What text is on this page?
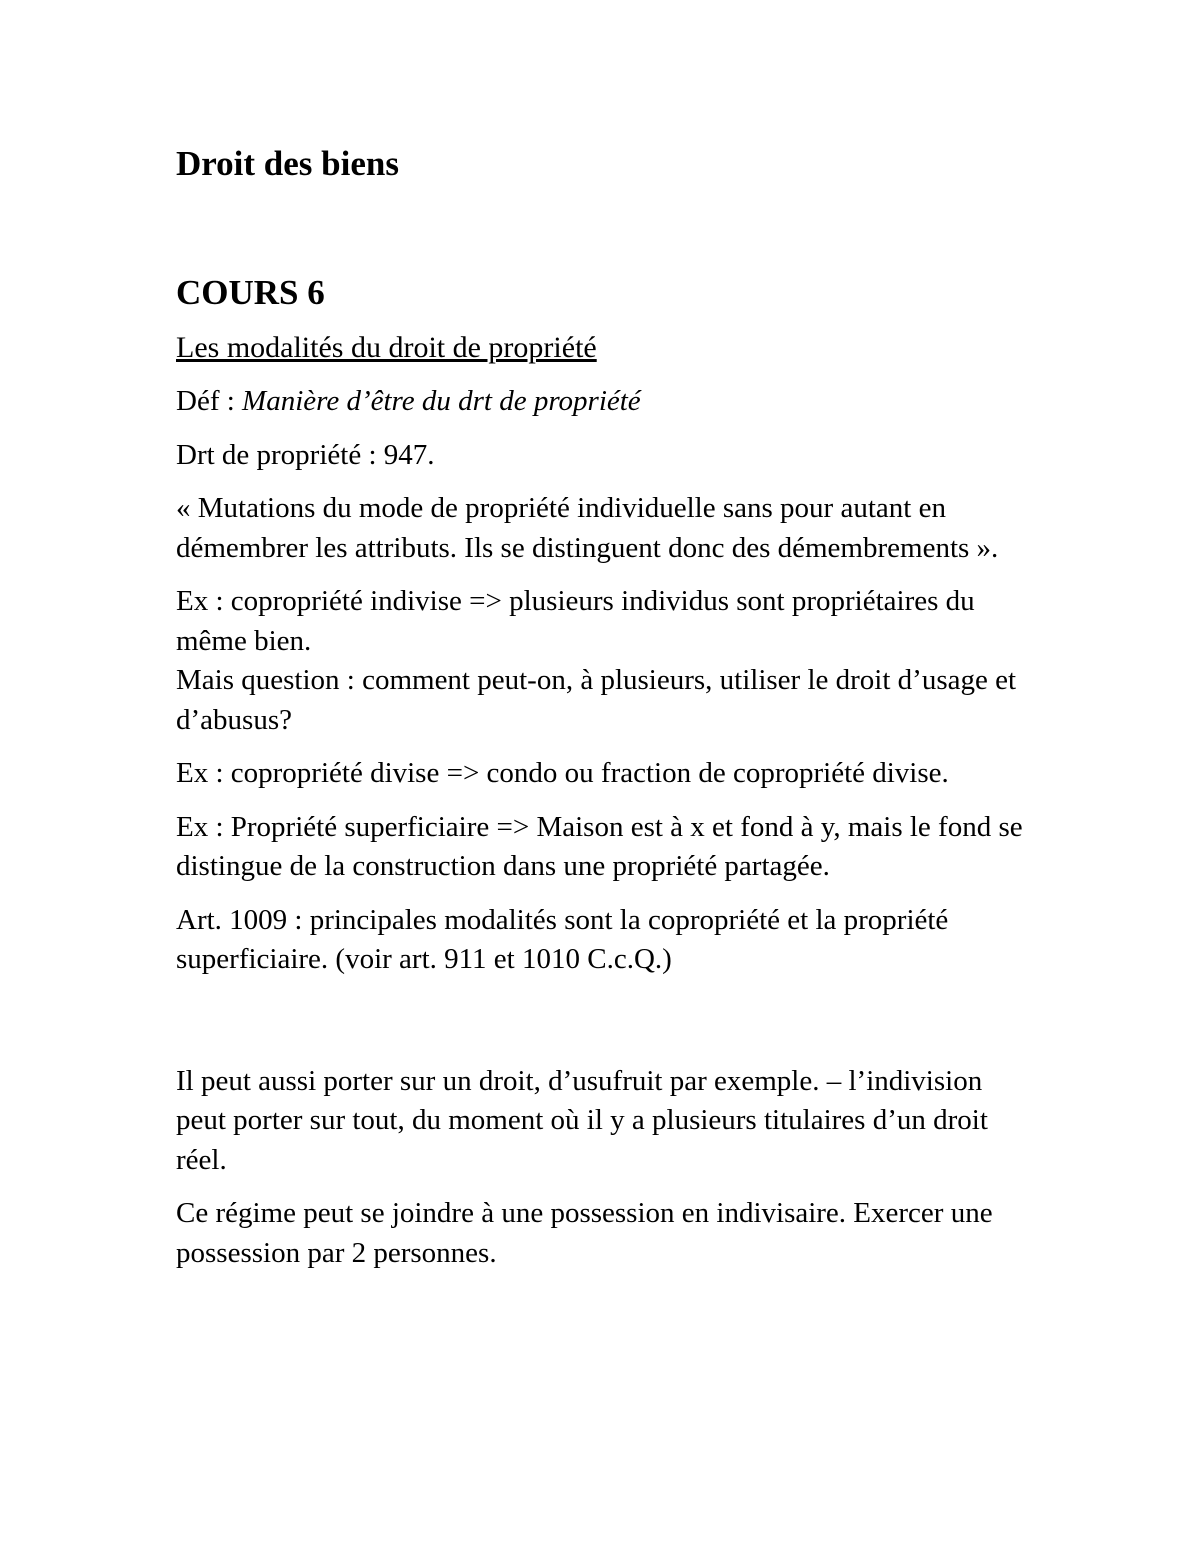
Droit des biens
COURS 6
Les modalités du droit de propriété

Déf : Manière d’être du drt de propriété

Drt de propriété : 947.

« Mutations du mode de propriété individuelle sans pour autant en démembrer les attributs. Ils se distinguent donc des démembrements ».

Ex : copropriété indivise => plusieurs individus sont propriétaires du même bien.
Mais question : comment peut-on, à plusieurs, utiliser le droit d’usage et d’abusus?

Ex : copropriété divise => condo ou fraction de copropriété divise.

Ex : Propriété superficiaire => Maison est à x et fond à y, mais le fond se distingue de la construction dans une propriété partagée.

Art. 1009 : principales modalités sont la copropriété et la propriété superficiaire. (voir art. 911 et 1010 C.c.Q.)

Il peut aussi porter sur un droit, d’usufruit par exemple. – l’indivision peut porter sur tout, du moment où il y a plusieurs titulaires d’un droit réel.

Ce régime peut se joindre à une possession en indivisaire. Exercer une possession par 2 personnes.
